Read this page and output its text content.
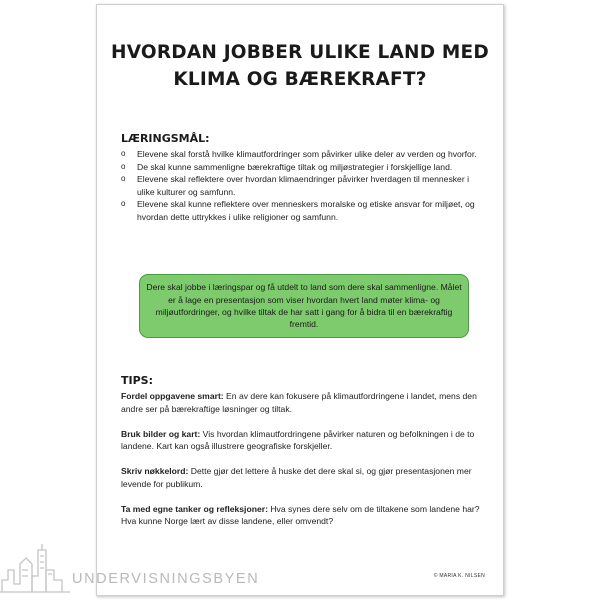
HVORDAN JOBBER ULIKE LAND MED
KLIMA OG BÆREKRAFT?
LÆRINGSMÅL:
o Elevene skal forstå hvilke klimautfordringer som påvirker ulike deler av verden og hvorfor.
o De skal kunne sammenligne bærekraftige tiltak og miljøstrategier i forskjellige land.
o Elevene skal reflektere over hvordan klimaendringer påvirker hverdagen til mennesker i ulike kulturer og samfunn.
o Elevene skal kunne reflektere over menneskers moralske og etiske ansvar for miljøet, og hvordan dette uttrykkes i ulike religioner og samfunn.
Dere skal jobbe i læringspar og få utdelt to land som dere skal sammenligne. Målet er å lage en presentasjon som viser hvordan hvert land møter klima- og miljøutfordringer, og hvilke tiltak de har satt i gang for å bidra til en bærekraftig fremtid.
TIPS:

Fordel oppgavene smart: En av dere kan fokusere på klimautfordringene i landet, mens den andre ser på bærekraftige løsninger og tiltak.

Bruk bilder og kart: Vis hvordan klimautfordringene påvirker naturen og befolkningen i de to landene. Kart kan også illustrere geografiske forskjeller.

Skriv nøkkelord: Dette gjør det lettere å huske det dere skal si, og gjør presentasjonen mer levende for publikum.

Ta med egne tanker og refleksjoner: Hva synes dere selv om de tiltakene som landene har? Hva kunne Norge lært av disse landene, eller omvendt?

© MARIA K. NILSEN
UNDERVISNINGSBYEN
